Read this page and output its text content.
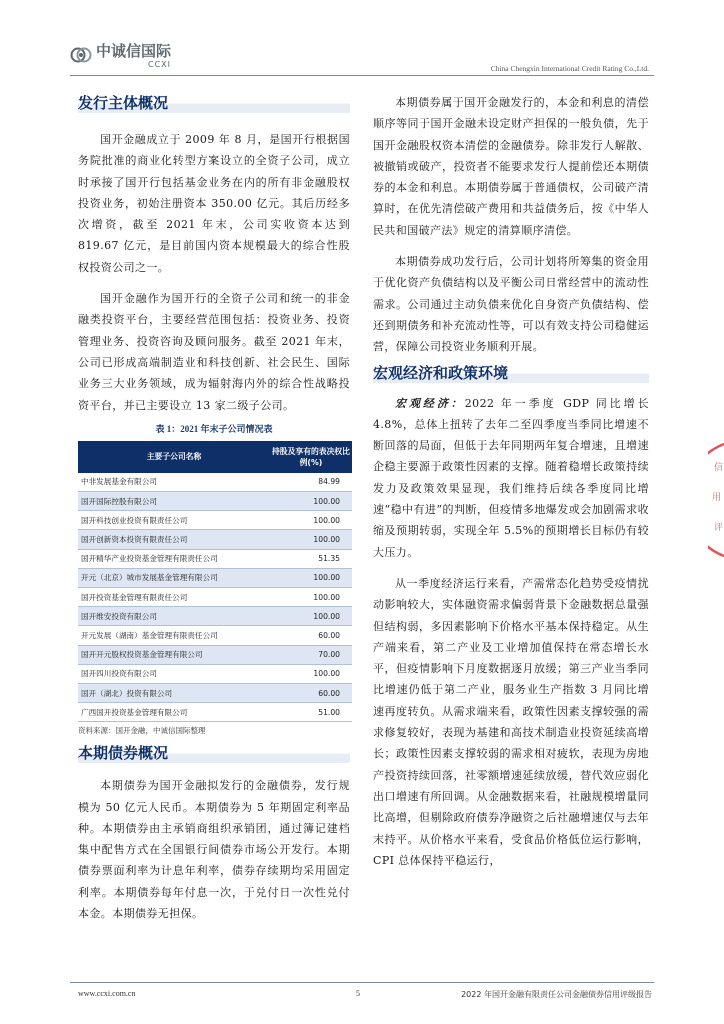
中诚信国际
CCXI	China Chengxin International Credit Rating Co.,Ltd.
发行主体概况

国开金融成立于 2009 年 8 月，是国开行根据国务院批准的商业化转型方案设立的全资子公司，成立时承接了国开行包括基金业务在内的所有非金融股权投资业务，初始注册资本 350.00 亿元。其后历经多次增资，截至 2021 年末，公司实收资本达到 819.67 亿元，是目前国内资本规模最大的综合性股权投资公司之一。

国开金融作为国开行的全资子公司和统一的非金融类投资平台，主要经营范围包括：投资业务、投资管理业务、投资咨询及顾问服务。截至 2021 年末，公司已形成高端制造业和科技创新、社会民生、国际业务三大业务领域，成为辐射海内外的综合性战略投资平台，并已主要设立 13 家二级子公司。

表 1：2021 年末子公司情况表

主要子公司名称	持股及享有的表决权比例(%)
中非发展基金有限公司	84.99
国开国际控股有限公司	100.00
国开科技创业投资有限责任公司	100.00
国开创新资本投资有限责任公司	100.00
国开精华产业投资基金管理有限责任公司	51.35
开元（北京）城市发展基金管理有限公司	100.00
国开投资基金管理有限责任公司	100.00
国开维安投资有限公司	100.00
开元发展（湖南）基金管理有限责任公司	60.00
国开开元股权投资基金管理有限公司	70.00
国开四川投资有限公司	100.00
国开（湖北）投资有限公司	60.00
广西国开投资基金管理有限公司	51.00

资料来源：国开金融，中诚信国际整理

本期债券概况

本期债券为国开金融拟发行的金融债券，发行规模为 50 亿元人民币。本期债券为 5 年期固定利率品种。本期债券由主承销商组织承销团，通过簿记建档集中配售方式在全国银行间债券市场公开发行。本期债券票面利率为计息年利率，债券存续期均采用固定利率。本期债券每年付息一次，于兑付日一次性兑付本金。本期债券无担保。

本期债券属于国开金融发行的，本金和利息的清偿顺序等同于国开金融未设定财产担保的一般负债，先于国开金融股权资本清偿的金融债券。除非发行人解散、被撤销或破产，投资者不能要求发行人提前偿还本期债券的本金和利息。本期债券属于普通债权，公司破产清算时，在优先清偿破产费用和共益债务后，按《中华人民共和国破产法》规定的清算顺序清偿。

本期债券成功发行后，公司计划将所筹集的资金用于优化资产负债结构以及平衡公司日常经营中的流动性需求。公司通过主动负债来优化自身资产负债结构、偿还到期债务和补充流动性等，可以有效支持公司稳健运营，保障公司投资业务顺利开展。

宏观经济和政策环境

宏观经济：2022 年一季度 GDP 同比增长 4.8%，总体上扭转了去年二至四季度当季同比增速不断回落的局面，但低于去年同期两年复合增速，且增速企稳主要源于政策性因素的支撑。随着稳增长政策持续发力及政策效果显现，我们维持后续各季度同比增速“稳中有进”的判断，但疫情多地爆发或会加剧需求收缩及预期转弱，实现全年 5.5%的预期增长目标仍有较大压力。

从一季度经济运行来看，产需常态化趋势受疫情扰动影响较大，实体融资需求偏弱背景下金融数据总量强但结构弱，多因素影响下价格水平基本保持稳定。从生产端来看，第二产业及工业增加值保持在常态增长水平，但疫情影响下月度数据逐月放缓；第三产业当季同比增速仍低于第二产业，服务业生产指数 3 月同比增速再度转负。从需求端来看，政策性因素支撑较强的需求修复较好，表现为基建和高技术制造业投资延续高增长；政策性因素支撑较弱的需求相对疲软，表现为房地产投资持续回落，社零额增速延续放缓，替代效应弱化出口增速有所回调。从金融数据来看，社融规模增量同比高增，但剔除政府债券净融资之后社融增速仅与去年末持平。从价格水平来看，受食品价格低位运行影响，CPI 总体保持平稳运行，

信
用
评
www.ccxi.com.cn	5	2022 年国开金融有限责任公司金融债券信用评级报告
